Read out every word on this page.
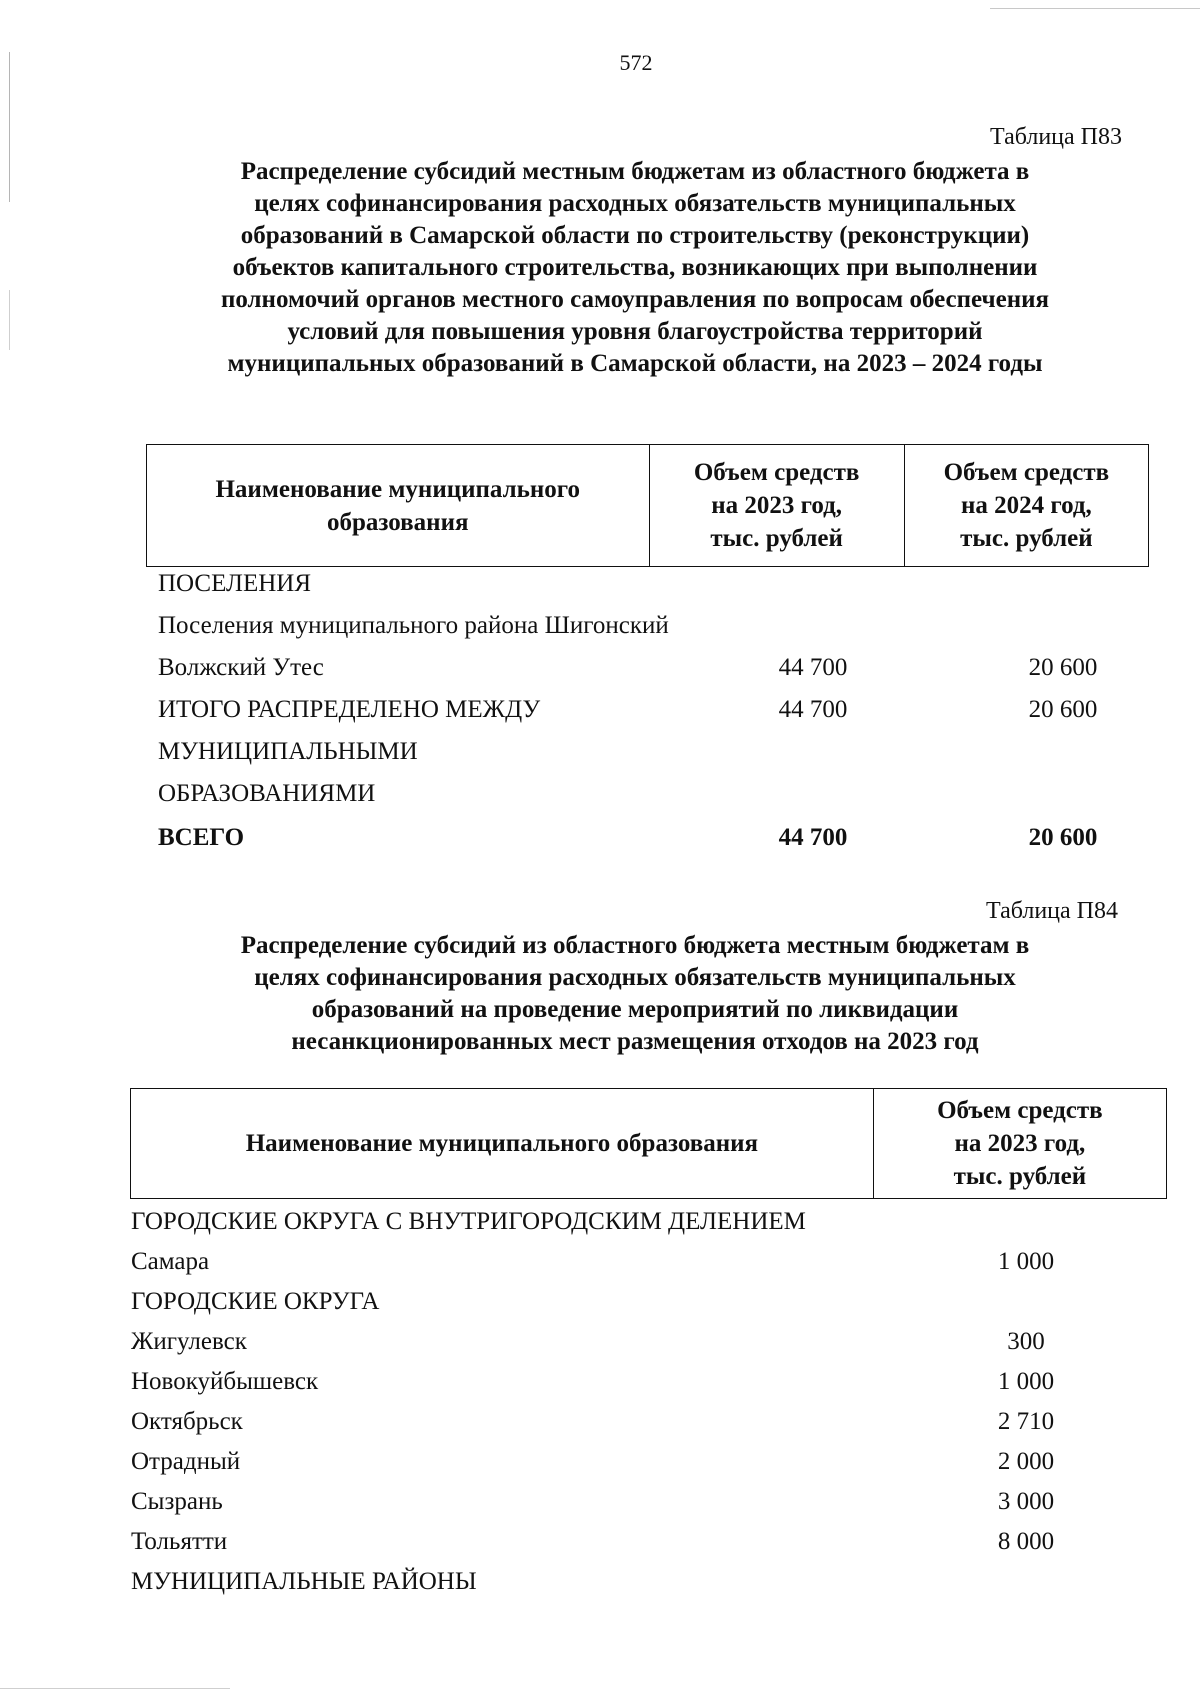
572
Таблица П83
Распределение субсидий местным бюджетам из областного бюджета в
целях софинансирования расходных обязательств муниципальных
образований в Самарской области по строительству (реконструкции)
объектов капитального строительства, возникающих при выполнении
полномочий органов местного самоуправления по вопросам обеспечения
условий для повышения уровня благоустройства территорий
муниципальных образований в Самарской области, на 2023 – 2024 годы
Наименование муниципального
образования

Объем средств
на 2023 год,
тыс. рублей

Объем средств
на 2024 год,
тыс. рублей
ПОСЕЛЕНИЯ
Поселения муниципального района Шигонский
Волжский Утес	44 700	20 600
ИТОГО РАСПРЕДЕЛЕНО МЕЖДУ	44 700	20 600
МУНИЦИПАЛЬНЫМИ
ОБРАЗОВАНИЯМИ
ВСЕГО	44 700	20 600
Таблица П84
Распределение субсидий из областного бюджета местным бюджетам в
целях софинансирования расходных обязательств муниципальных
образований на проведение мероприятий по ликвидации
несанкционированных мест размещения отходов на 2023 год
Наименование муниципального образования

Объем средств
на 2023 год,
тыс. рублей
ГОРОДСКИЕ ОКРУГА С ВНУТРИГОРОДСКИМ ДЕЛЕНИЕМ
Самара	1 000
ГОРОДСКИЕ ОКРУГА
Жигулевск	300
Новокуйбышевск	1 000
Октябрьск	2 710
Отрадный	2 000
Сызрань	3 000
Тольятти	8 000
МУНИЦИПАЛЬНЫЕ РАЙОНЫ
